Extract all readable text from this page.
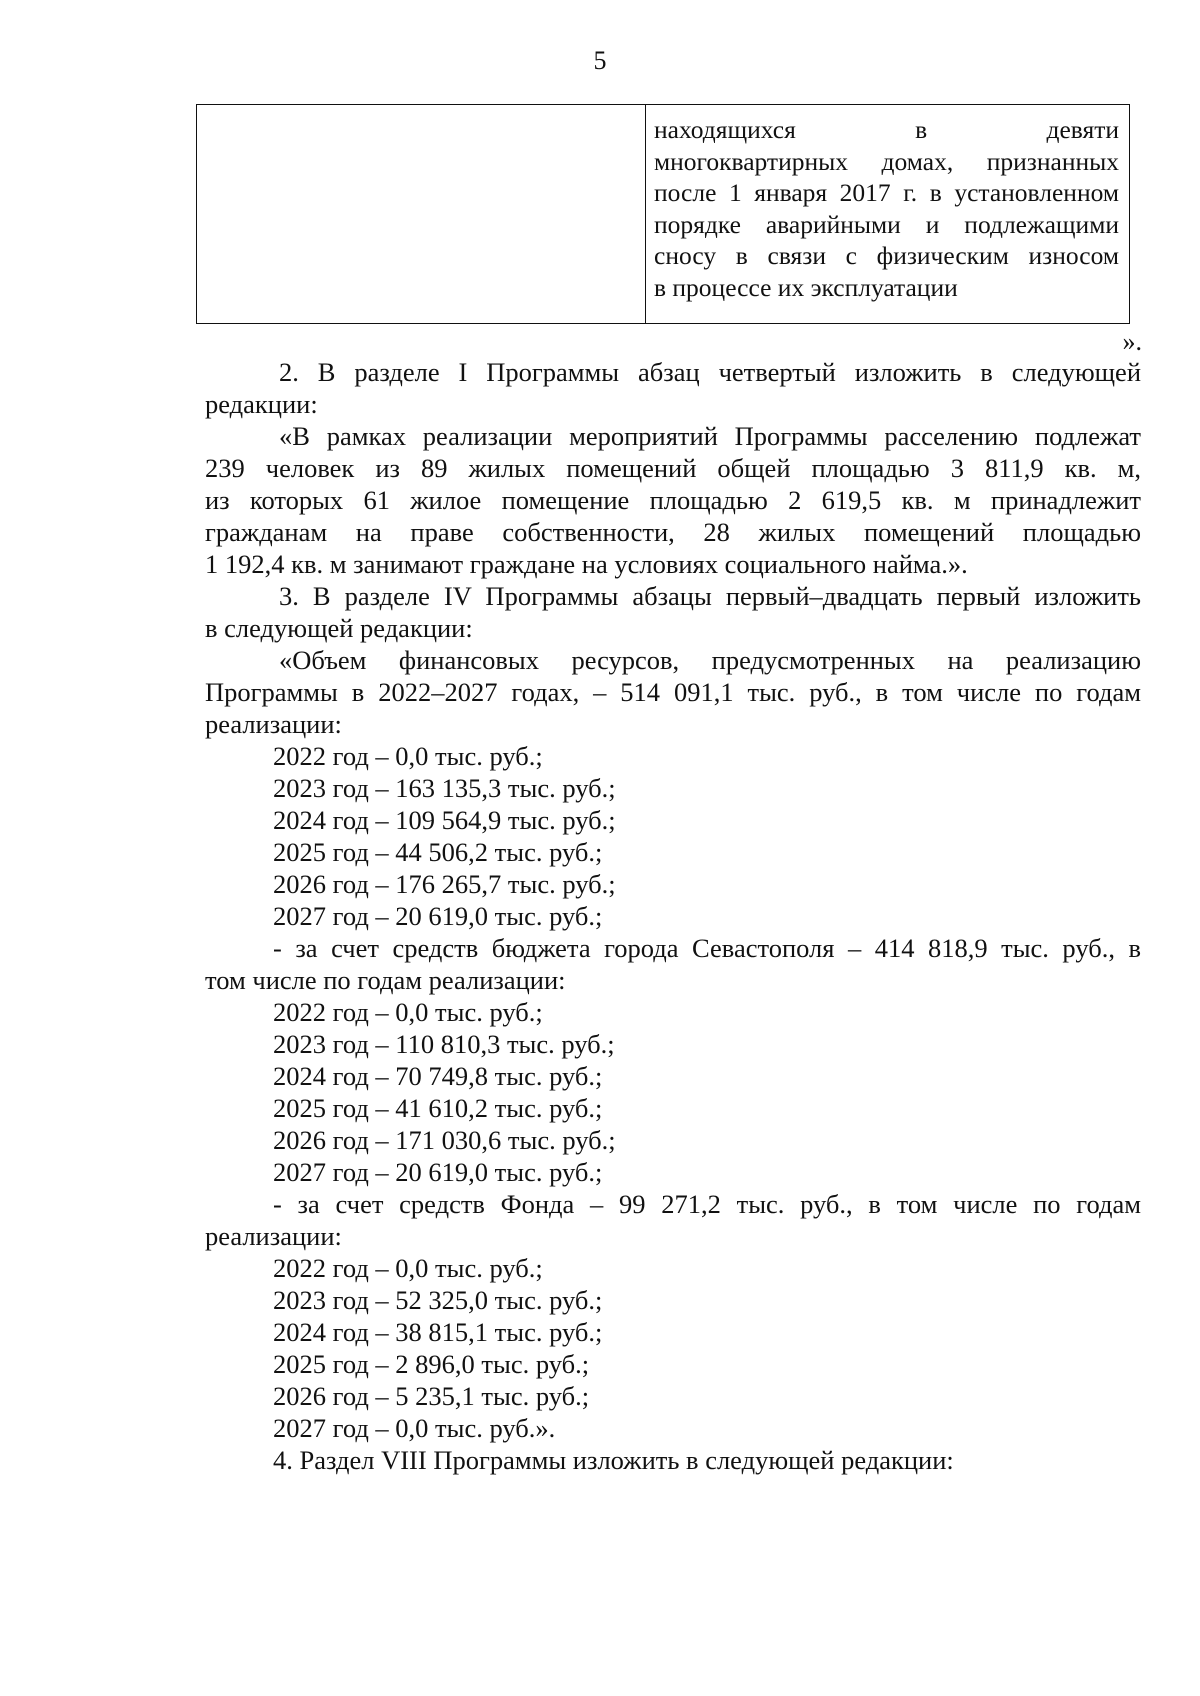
5
находящихся в девяти
многоквартирных домах, признанных
после 1 января 2017 г. в установленном
порядке аварийными и подлежащими
сносу в связи с физическим износом
в процессе их эксплуатации
».
2. В разделе I Программы абзац четвертый изложить в следующей
редакции:
«В рамках реализации мероприятий Программы расселению подлежат
239 человек из 89 жилых помещений общей площадью 3 811,9 кв. м,
из которых 61 жилое помещение площадью 2 619,5 кв. м принадлежит
гражданам на праве собственности, 28 жилых помещений площадью
1 192,4 кв. м занимают граждане на условиях социального найма.».
3. В разделе IV Программы абзацы первый–двадцать первый изложить
в следующей редакции:
«Объем финансовых ресурсов, предусмотренных на реализацию
Программы в 2022–2027 годах, – 514 091,1 тыс. руб., в том числе по годам
реализации:
2022 год – 0,0 тыс. руб.;
2023 год – 163 135,3 тыс. руб.;
2024 год – 109 564,9 тыс. руб.;
2025 год – 44 506,2 тыс. руб.;
2026 год – 176 265,7 тыс. руб.;
2027 год – 20 619,0 тыс. руб.;
- за счет средств бюджета города Севастополя – 414 818,9 тыс. руб., в
том числе по годам реализации:
2022 год – 0,0 тыс. руб.;
2023 год – 110 810,3 тыс. руб.;
2024 год – 70 749,8 тыс. руб.;
2025 год – 41 610,2 тыс. руб.;
2026 год – 171 030,6 тыс. руб.;
2027 год – 20 619,0 тыс. руб.;
- за счет средств Фонда – 99 271,2 тыс. руб., в том числе по годам
реализации:
2022 год – 0,0 тыс. руб.;
2023 год – 52 325,0 тыс. руб.;
2024 год – 38 815,1 тыс. руб.;
2025 год – 2 896,0 тыс. руб.;
2026 год – 5 235,1 тыс. руб.;
2027 год – 0,0 тыс. руб.».
4. Раздел VIII Программы изложить в следующей редакции:
